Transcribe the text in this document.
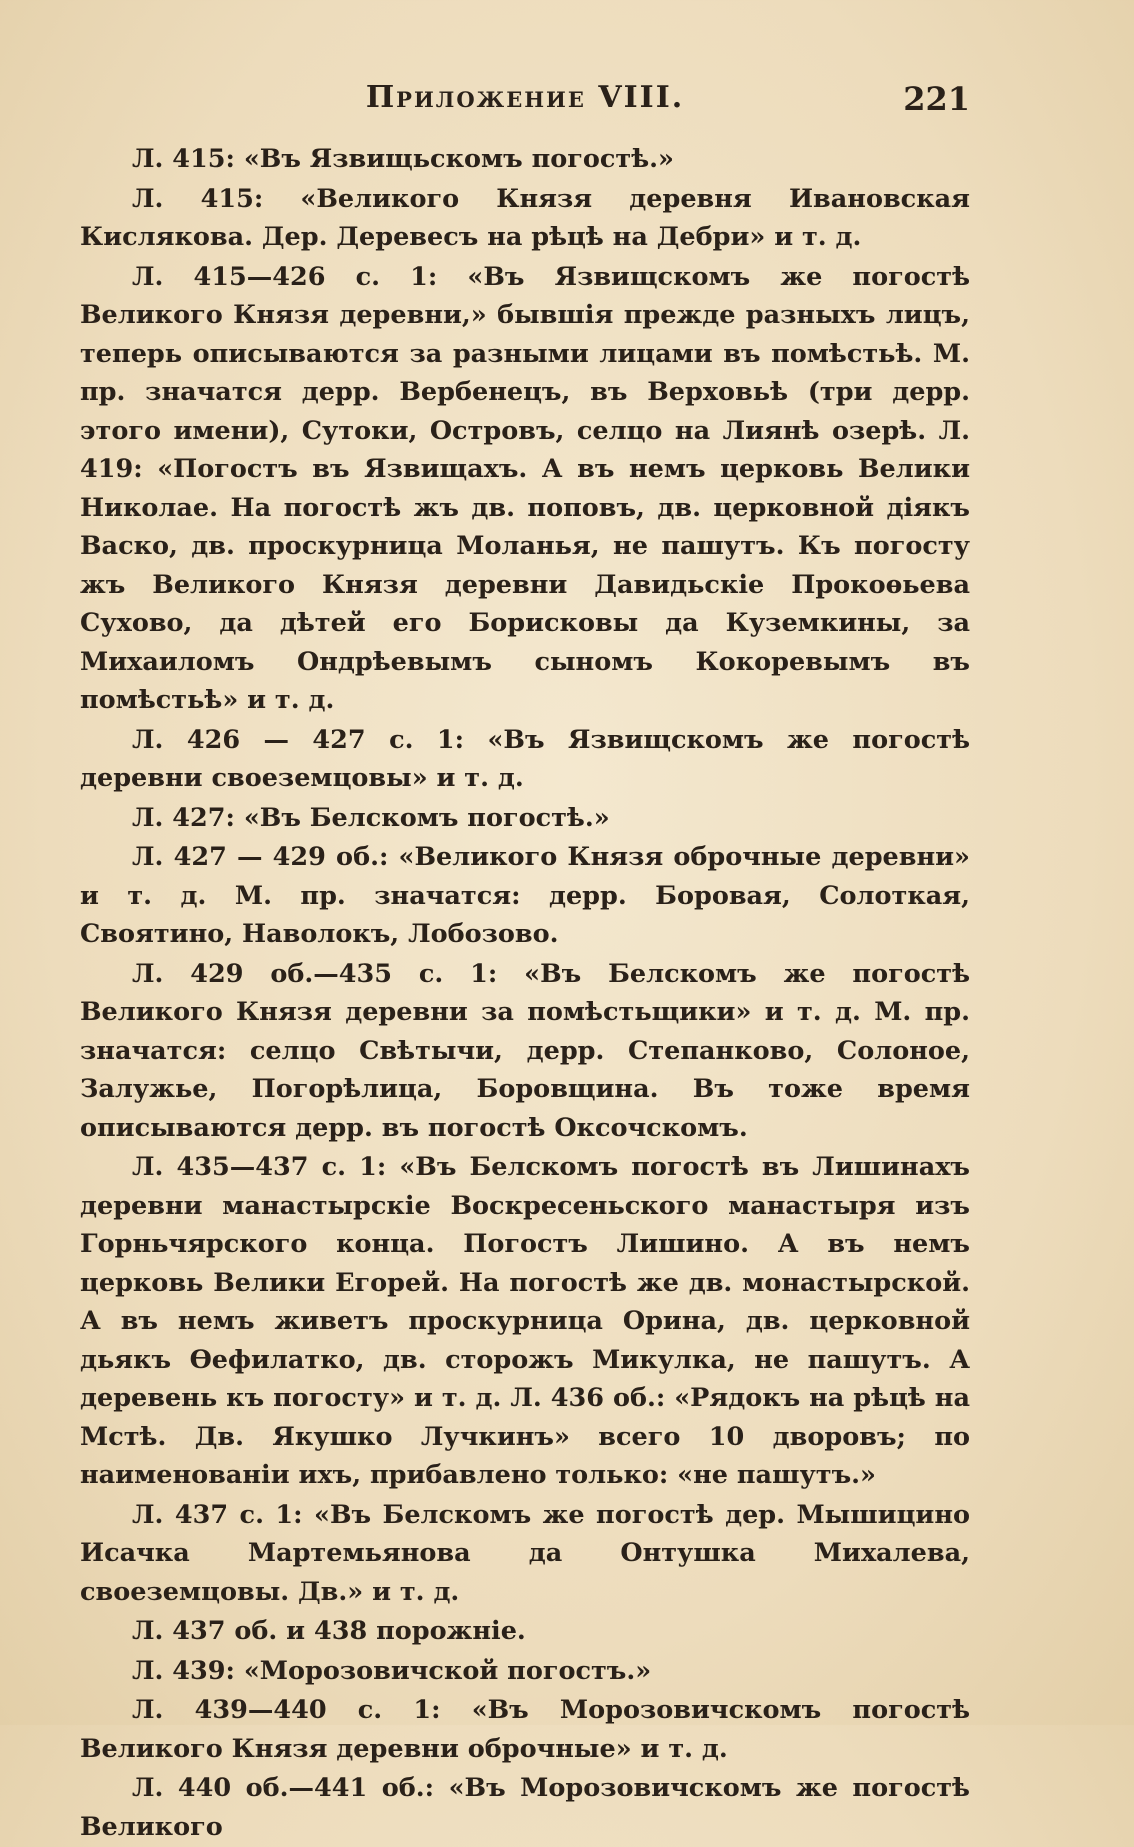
Приложение VIII.	221

Л. 415: «Въ Язвищьскомъ погостѣ.»

Л. 415: «Великого Князя деревня Ивановская Кислякова. Дер. Деревесъ на рѣцѣ на Дебри» и т. д.

Л. 415—426 с. 1: «Въ Язвищскомъ же погостѣ Великого Князя деревни,» бывшія прежде разныхъ лицъ, теперь описываются за разными лицами въ помѣстьѣ. М. пр. значатся дерр. Вербенецъ, въ Верховьѣ (три дерр. этого имени), Сутоки, Островъ, селцо на Лиянѣ озерѣ. Л. 419: «Погостъ въ Язвищахъ. А въ немъ церковь Велики Николае. На погостѣ жъ дв. поповъ, дв. церковной діякъ Васко, дв. проскурница Моланья, не пашутъ. Къ погосту жъ Великого Князя деревни Давидьскіе Прокоѳьева Сухово, да дѣтей его Борисковы да Куземкины, за Михаиломъ Ондрѣевымъ сыномъ Кокоревымъ въ помѣстьѣ» и т. д.

Л. 426 — 427 с. 1: «Въ Язвищскомъ же погостѣ деревни своеземцовы» и т. д.

Л. 427: «Въ Белскомъ погостѣ.»

Л. 427 — 429 об.: «Великого Князя оброчные деревни» и т. д. М. пр. значатся: дерр. Боровая, Солоткая, Своятино, Наволокъ, Лобозово.

Л. 429 об.—435 с. 1: «Въ Белскомъ же погостѣ Великого Князя деревни за помѣстьщики» и т. д. М. пр. значатся: селцо Свѣтычи, дерр. Степанково, Солоное, Залужье, Погорѣлица, Боровщина. Въ тоже время описываются дерр. въ погостѣ Оксочскомъ.

Л. 435—437 с. 1: «Въ Белскомъ погостѣ въ Лишинахъ деревни манастырскіе Воскресеньского манастыря изъ Горньчярского конца. Погостъ Лишино. А въ немъ церковь Велики Егорей. На погостѣ же дв. монастырской. А въ немъ живетъ проскурница Орина, дв. церковной дьякъ Ѳефилатко, дв. сторожъ Микулка, не пашутъ. А деревень къ погосту» и т. д. Л. 436 об.: «Рядокъ на рѣцѣ на Мстѣ. Дв. Якушко Лучкинъ» всего 10 дворовъ; по наименованіи ихъ, прибавлено только: «не пашутъ.»

Л. 437 с. 1: «Въ Белскомъ же погостѣ дер. Мышицино Исачка Мартемьянова да Онтушка Михалева, своеземцовы. Дв.» и т. д.

Л. 437 об. и 438 порожніе.

Л. 439: «Морозовичской погостъ.»

Л. 439—440 с. 1: «Въ Морозовичскомъ погостѣ Великого Князя деревни оброчные» и т. д.

Л. 440 об.—441 об.: «Въ Морозовичскомъ же погостѣ Великого
